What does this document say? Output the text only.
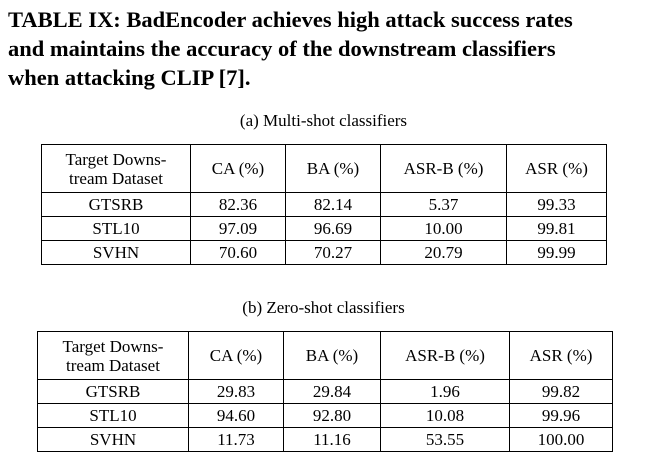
TABLE IX: BadEncoder achieves high attack success rates
and maintains the accuracy of the downstream classifiers
when attacking CLIP [7].
(a) Multi-shot classifiers
Target Downs-
tream Dataset	CA (%)	BA (%)	ASR-B (%)	ASR (%)
GTSRB	82.36	82.14	5.37	99.33
STL10	97.09	96.69	10.00	99.81
SVHN	70.60	70.27	20.79	99.99
(b) Zero-shot classifiers
Target Downs-
tream Dataset	CA (%)	BA (%)	ASR-B (%)	ASR (%)
GTSRB	29.83	29.84	1.96	99.82
STL10	94.60	92.80	10.08	99.96
SVHN	11.73	11.16	53.55	100.00
